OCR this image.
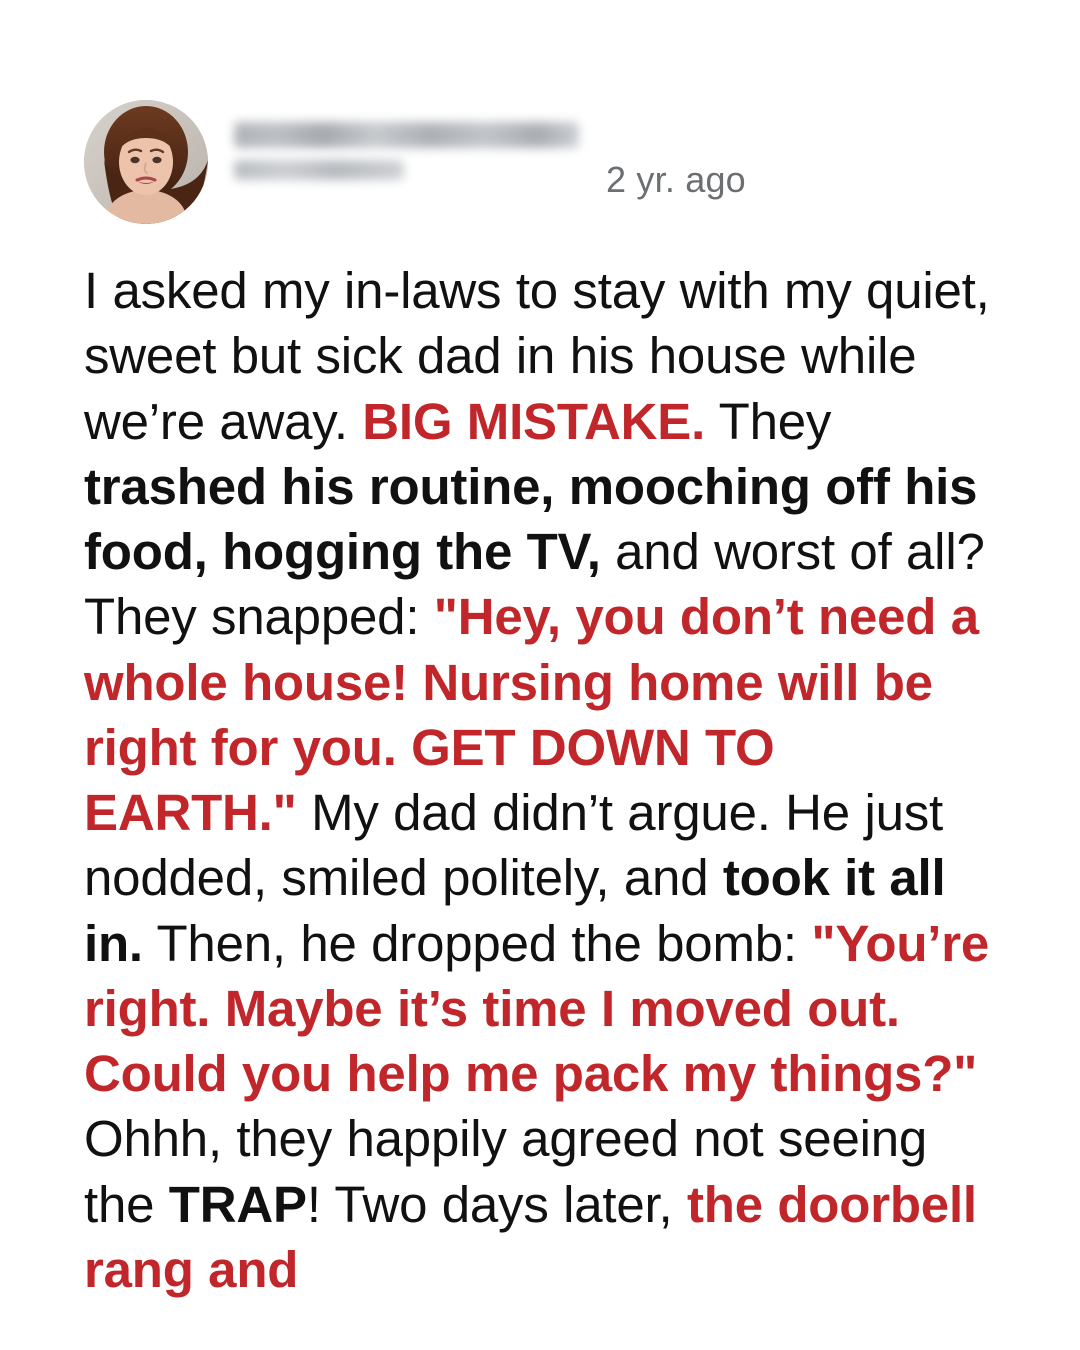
2 yr. ago
I asked my in-laws to stay with my quiet, sweet but sick dad in his house while we’re away. BIG MISTAKE. They trashed his routine, mooching off his food, hogging the TV, and worst of all? They snapped: "Hey, you don’t need a whole house! Nursing home will be right for you. GET DOWN TO EARTH." My dad didn’t argue. He just nodded, smiled politely, and took it all in. Then, he dropped the bomb: "You’re right. Maybe it’s time I moved out. Could you help me pack my things?" Ohhh, they happily agreed not seeing the TRAP! Two days later, the doorbell rang and
